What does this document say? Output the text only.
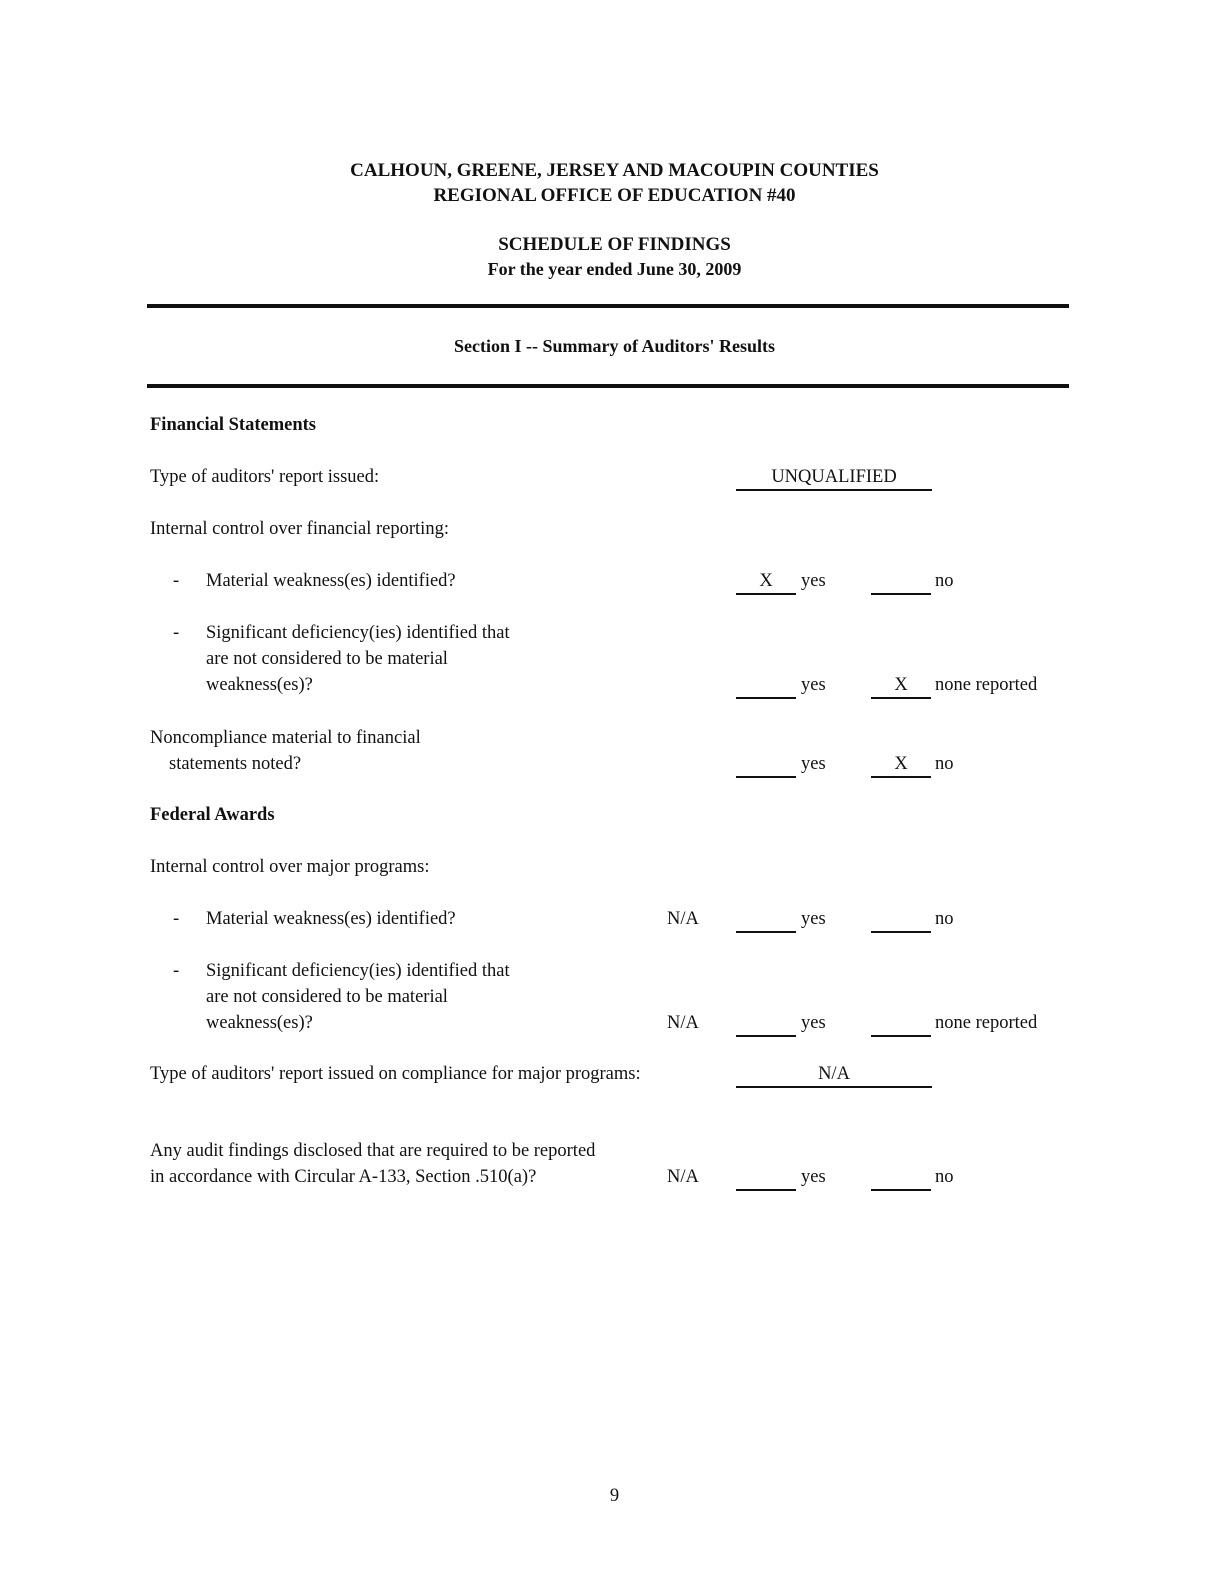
CALHOUN, GREENE, JERSEY AND MACOUPIN COUNTIES
REGIONAL OFFICE OF EDUCATION #40
SCHEDULE OF FINDINGS
For the year ended June 30, 2009
Section I -- Summary of Auditors' Results
Financial Statements
Type of auditors' report issued:	UNQUALIFIED
Internal control over financial reporting:
- Material weakness(es) identified?	X	yes	no
- Significant deficiency(ies) identified that
are not considered to be material
weakness(es)?	yes	X	none reported
Noncompliance material to financial
statements noted?	yes	X	no
Federal Awards
Internal control over major programs:
- Material weakness(es) identified?	N/A	yes	no
- Significant deficiency(ies) identified that
are not considered to be material
weakness(es)?	N/A	yes	none reported
Type of auditors' report issued on compliance for major programs:	N/A
Any audit findings disclosed that are required to be reported
in accordance with Circular A-133, Section .510(a)?	N/A	yes	no
9
